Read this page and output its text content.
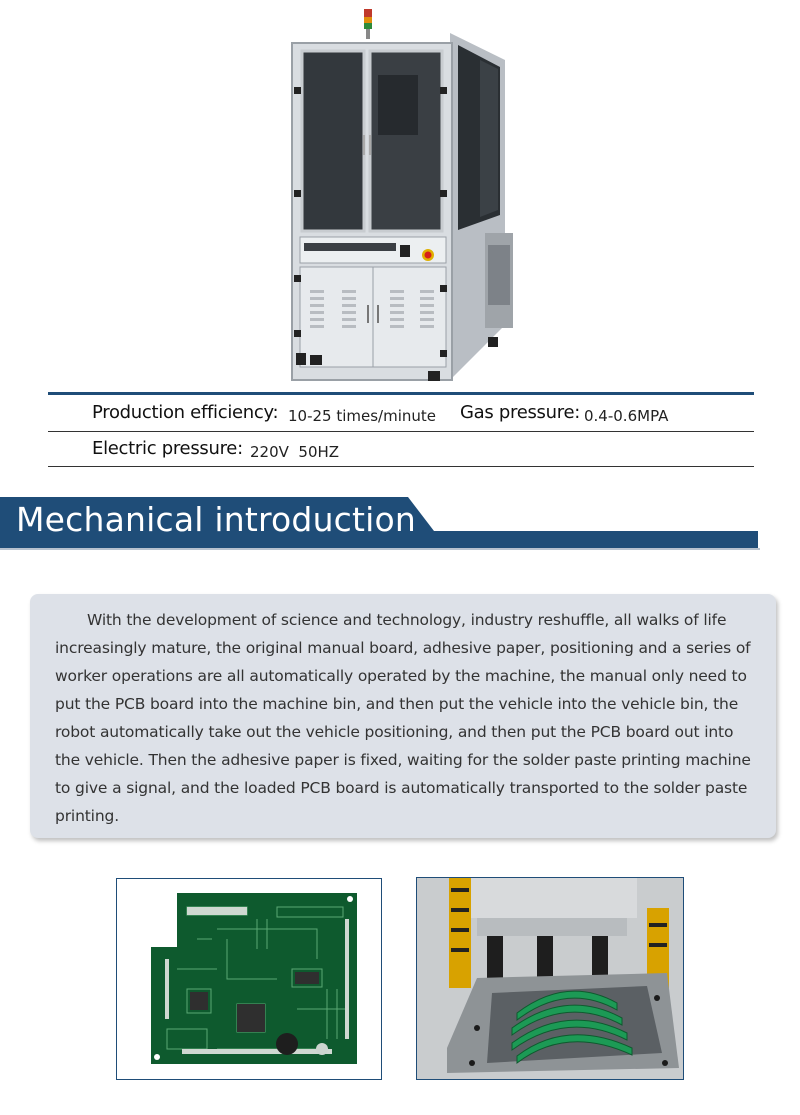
Production efficiency: 10-25 times/minute Gas pressure: 0.4-0.6MPA
Electric pressure: 220V  50HZ
Mechanical introduction

With the development of science and technology, industry reshuffle, all walks of life increasingly mature, the original manual board, adhesive paper, positioning and a series of worker operations are all automatically operated by the machine, the manual only need to put the PCB board into the machine bin, and then put the vehicle into the vehicle bin, the robot automatically take out the vehicle positioning, and then put the PCB board out into the vehicle. Then the adhesive paper is fixed, waiting for the solder paste printing machine to give a signal, and the loaded PCB board is automatically transported to the solder paste printing.
